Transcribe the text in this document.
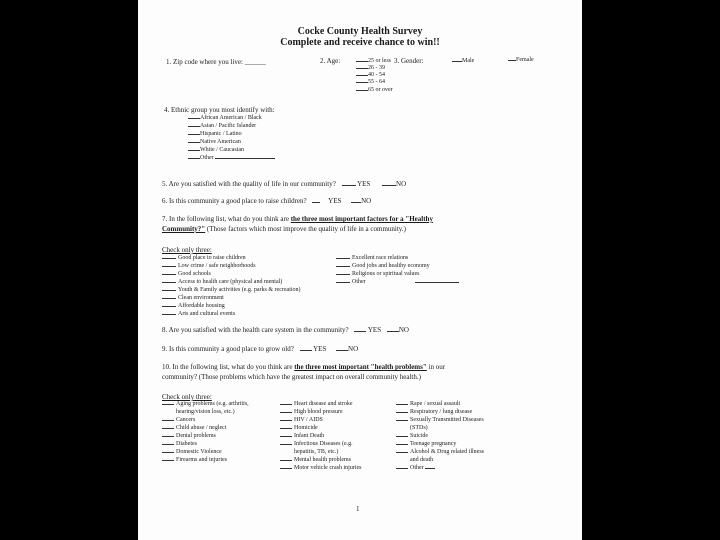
Cocke County Health Survey
Complete and receive chance to win!!
1. Zip code where you live: ______	2. Age:	25 or less
26 - 39
40 - 54
55 - 64
65 or over
3. Gender:	Male	Female
4. Ethnic group you most identify with:
African American / Black
Asian / Pacific Islander
Hispanic / Latino
Native American
White / Caucasian
Other
5. Are you satisfied with the quality of life in our community?	YES	NO
6. Is this community a good place to raise children?	YES	NO
7. In the following list, what do you think are the three most important factors for a "Healthy
Community?" (Those factors which most improve the quality of life in a community.)
Check only three:
Good place to raise children
Low crime / safe neighborhoods
Good schools
Access to health care (physical and mental)
Youth & Family activities (e.g. parks & recreation)
Clean environment
Affordable housing
Arts and cultural events
Excellent race relations
Good jobs and healthy economy
Religious or spiritual values
Other
8. Are you satisfied with the health care system in the community?	YES	NO
9. Is this community a good place to grow old?	YES	NO
10. In the following list, what do you think are the three most important "health problems" in our
community? (Those problems which have the greatest impact on overall community health.)
Check only three:
Aging problems (e.g. arthritis,
hearing/vision loss, etc.)
Cancers
Child abuse / neglect
Dental problems
Diabetes
Domestic Violence
Firearms and injuries
Heart disease and stroke
High blood pressure
HIV / AIDS
Homicide
Infant Death
Infectious Diseases (e.g.
hepatitis, TB, etc.)
Mental health problems
Motor vehicle crash injuries
Rape / sexual assault
Respiratory / lung disease
Sexually Transmitted Diseases
(STDs)
Suicide
Teenage pregnancy
Alcohol & Drug related illness
and death
Other
1
